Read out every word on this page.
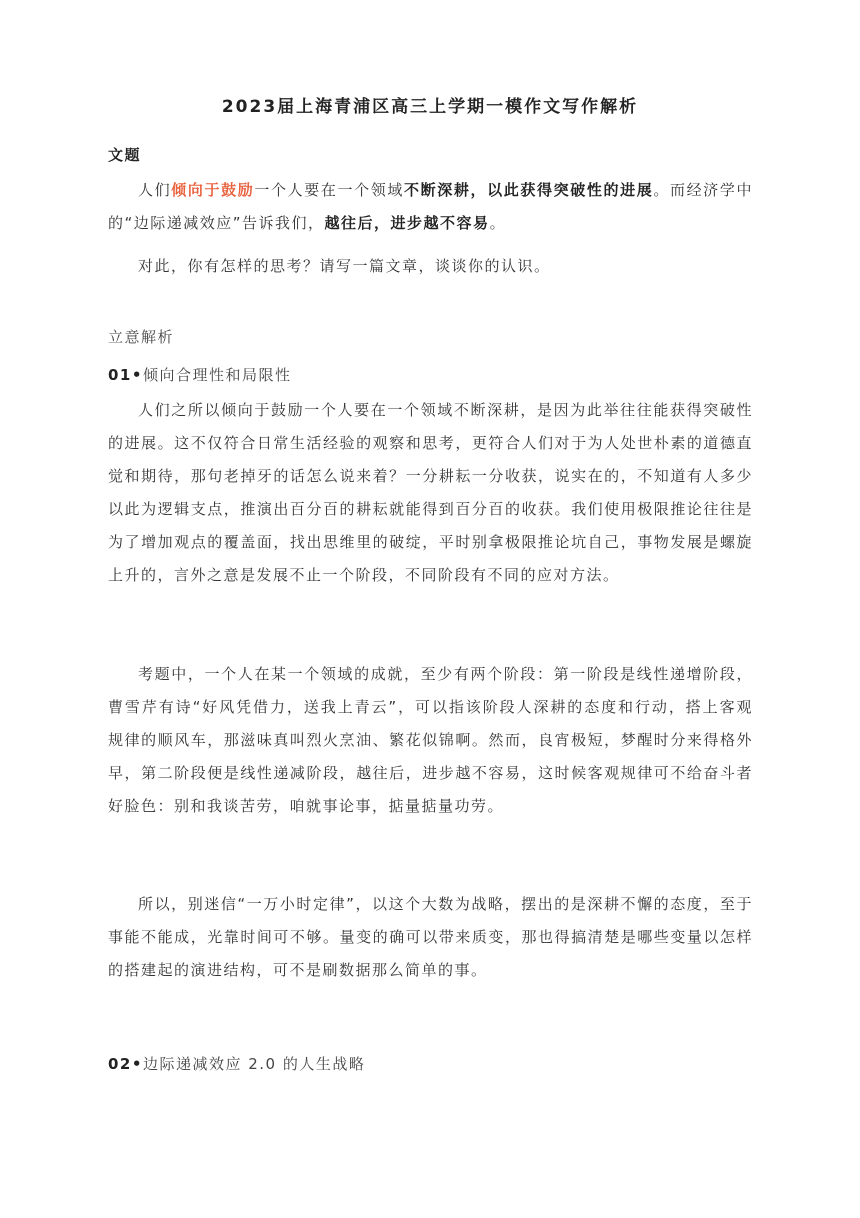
2023届上海青浦区高三上学期一模作文写作解析
文题

人们倾向于鼓励一个人要在一个领域不断深耕，以此获得突破性的进展。而经济学中的“边际递减效应”告诉我们，越往后，进步越不容易。

对此，你有怎样的思考？请写一篇文章，谈谈你的认识。

立意解析
01•倾向合理性和局限性

人们之所以倾向于鼓励一个人要在一个领域不断深耕，是因为此举往往能获得突破性的进展。这不仅符合日常生活经验的观察和思考，更符合人们对于为人处世朴素的道德直觉和期待，那句老掉牙的话怎么说来着？一分耕耘一分收获，说实在的，不知道有人多少以此为逻辑支点，推演出百分百的耕耘就能得到百分百的收获。我们使用极限推论往往是为了增加观点的覆盖面，找出思维里的破绽，平时别拿极限推论坑自己，事物发展是螺旋上升的，言外之意是发展不止一个阶段，不同阶段有不同的应对方法。

考题中，一个人在某一个领域的成就，至少有两个阶段：第一阶段是线性递增阶段，曹雪芹有诗“好风凭借力，送我上青云”，可以指该阶段人深耕的态度和行动，搭上客观规律的顺风车，那滋味真叫烈火烹油、繁花似锦啊。然而，良宵极短，梦醒时分来得格外早，第二阶段便是线性递减阶段，越往后，进步越不容易，这时候客观规律可不给奋斗者好脸色：别和我谈苦劳，咱就事论事，掂量掂量功劳。

所以，别迷信“一万小时定律”，以这个大数为战略，摆出的是深耕不懈的态度，至于事能不能成，光靠时间可不够。量变的确可以带来质变，那也得搞清楚是哪些变量以怎样的搭建起的演进结构，可不是刷数据那么简单的事。

02•边际递减效应 2.0 的人生战略
